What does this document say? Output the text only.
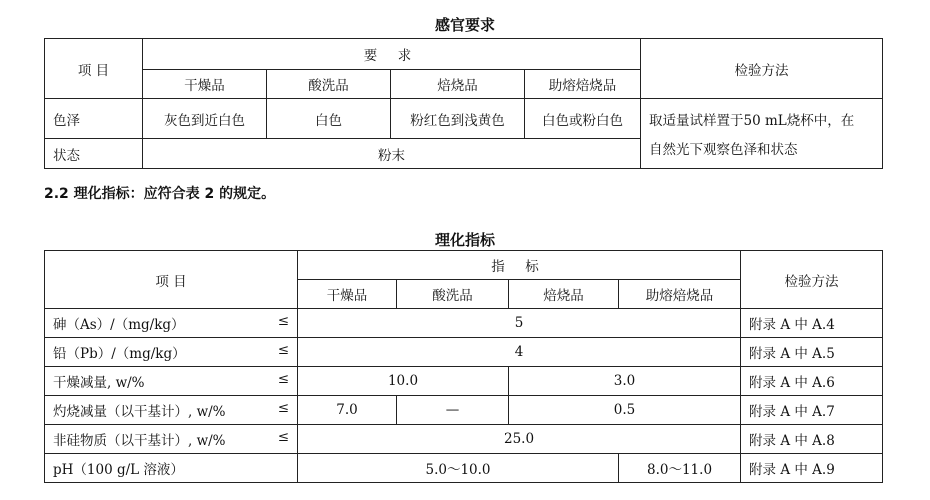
感官要求
项 目	要 求				检验方法
	干燥品	酸洗品	焙烧品	助熔焙烧品	
色泽	灰色到近白色	白色	粉红色到浅黄色	白色或粉白色	取适量试样置于50 mL烧杯中，在
自然光下观察色泽和状态

状态	粉末				
2.2 理化指标：应符合表 2 的规定。
理化指标
项 目	指 标				检验方法
	干燥品	酸洗品	焙烧品	助熔焙烧品	
砷（As）/（mg/kg） ≤	5				附录 A 中 A.4
铅（Pb）/（mg/kg） ≤	4				附录 A 中 A.5
干燥减量, w/% ≤	10.0		3.0		附录 A 中 A.6
灼烧减量（以干基计）, w/% ≤	7.0	—	0.5		附录 A 中 A.7
非硅物质（以干基计）, w/% ≤	25.0				附录 A 中 A.8
pH（100 g/L 溶液）	5.0～10.0			8.0～11.0	附录 A 中 A.9
